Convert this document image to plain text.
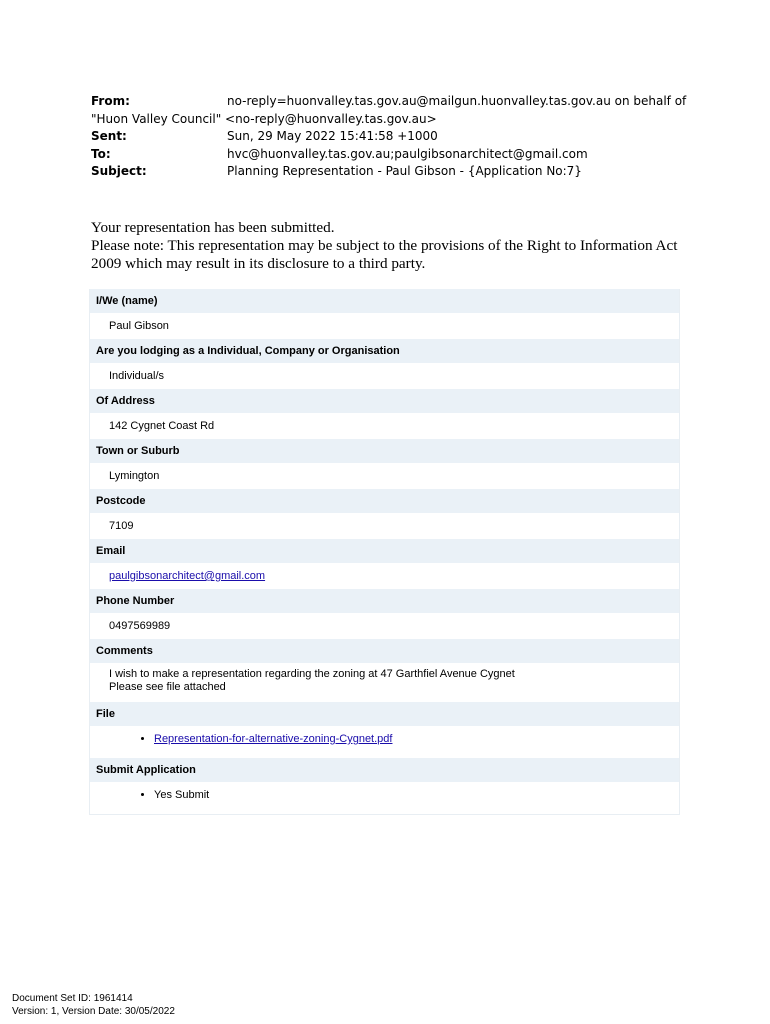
From:	no-reply=huonvalley.tas.gov.au@mailgun.huonvalley.tas.gov.au on behalf of
"Huon Valley Council" <no-reply@huonvalley.tas.gov.au>
Sent:	Sun, 29 May 2022 15:41:58 +1000
To:	hvc@huonvalley.tas.gov.au;paulgibsonarchitect@gmail.com
Subject:	Planning Representation - Paul Gibson - {Application No:7}
Your representation has been submitted.
Please note: This representation may be subject to the provisions of the Right to Information Act 2009 which may result in its disclosure to a third party.
I/We (name)
Paul Gibson
Are you lodging as a Individual, Company or Organisation
Individual/s
Of Address
142 Cygnet Coast Rd
Town or Suburb
Lymington
Postcode
7109
Email
paulgibsonarchitect@gmail.com
Phone Number
0497569989
Comments
I wish to make a representation regarding the zoning at 47 Garthfiel Avenue Cygnet
Please see file attached
File
• Representation-for-alternative-zoning-Cygnet.pdf
Submit Application
• Yes Submit
Document Set ID: 1961414
Version: 1, Version Date: 30/05/2022
